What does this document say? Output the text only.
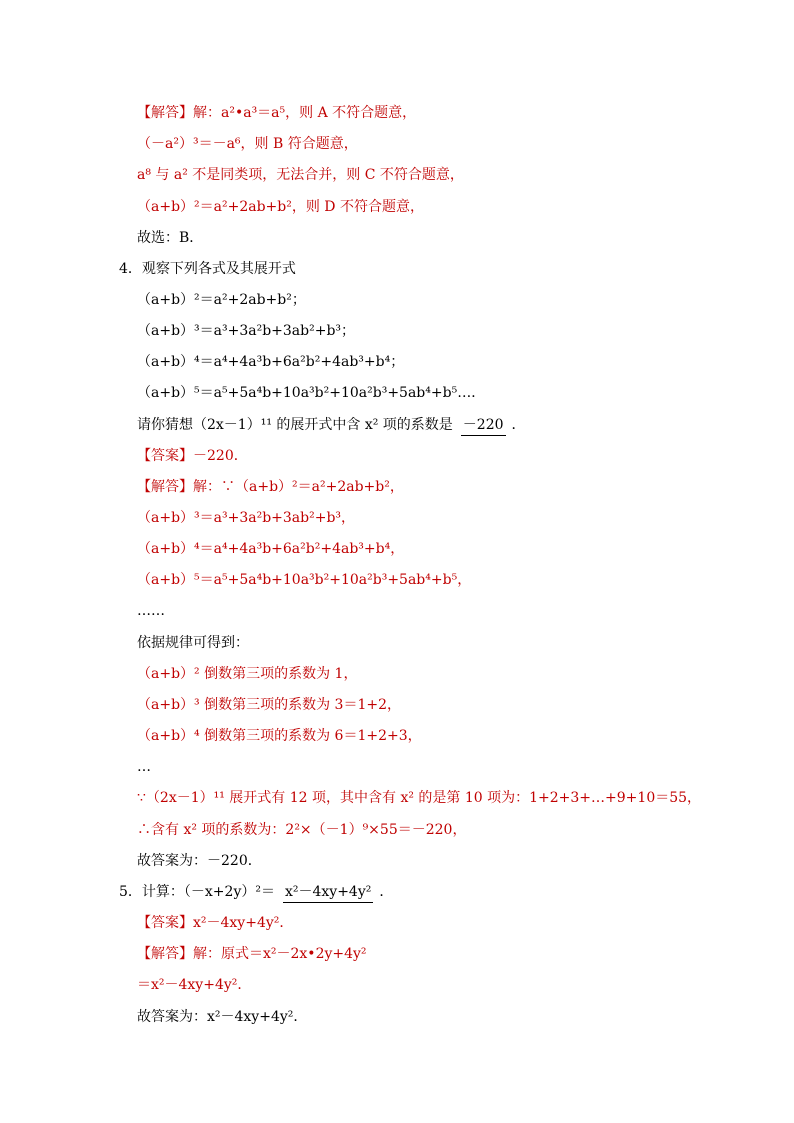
【解答】解：a²•a³＝a⁵，则 A 不符合题意，
（－a²）³＝－a⁶，则 B 符合题意，
a⁸ 与 a² 不是同类项，无法合并，则 C 不符合题意，
（a+b）²＝a²+2ab+b²，则 D 不符合题意，
故选：B．
4．观察下列各式及其展开式
（a+b）²＝a²+2ab+b²；
（a+b）³＝a³+3a²b+3ab²+b³；
（a+b）⁴＝a⁴+4a³b+6a²b²+4ab³+b⁴；
（a+b）⁵＝a⁵+5a⁴b+10a³b²+10a²b³+5ab⁴+b⁵…．
请你猜想（2x－1）¹¹ 的展开式中含 x² 项的系数是 －220 ．
【答案】－220．
【解答】解：∵（a+b）²＝a²+2ab+b²，
（a+b）³＝a³+3a²b+3ab²+b³，
（a+b）⁴＝a⁴+4a³b+6a²b²+4ab³+b⁴，
（a+b）⁵＝a⁵+5a⁴b+10a³b²+10a²b³+5ab⁴+b⁵，
……
依据规律可得到：
（a+b）² 倒数第三项的系数为 1，
（a+b）³ 倒数第三项的系数为 3＝1+2，
（a+b）⁴ 倒数第三项的系数为 6＝1+2+3，
…
∵（2x－1）¹¹ 展开式有 12 项，其中含有 x² 的是第 10 项为：1+2+3+…+9+10＝55，
∴含有 x² 项的系数为：2²×（－1）⁹×55＝－220，
故答案为：－220．
5．计算：（－x+2y）²＝ x²－4xy+4y² ．
【答案】x²－4xy+4y²．
【解答】解：原式＝x²－2x•2y+4y²
＝x²－4xy+4y²．
故答案为：x²－4xy+4y²．
